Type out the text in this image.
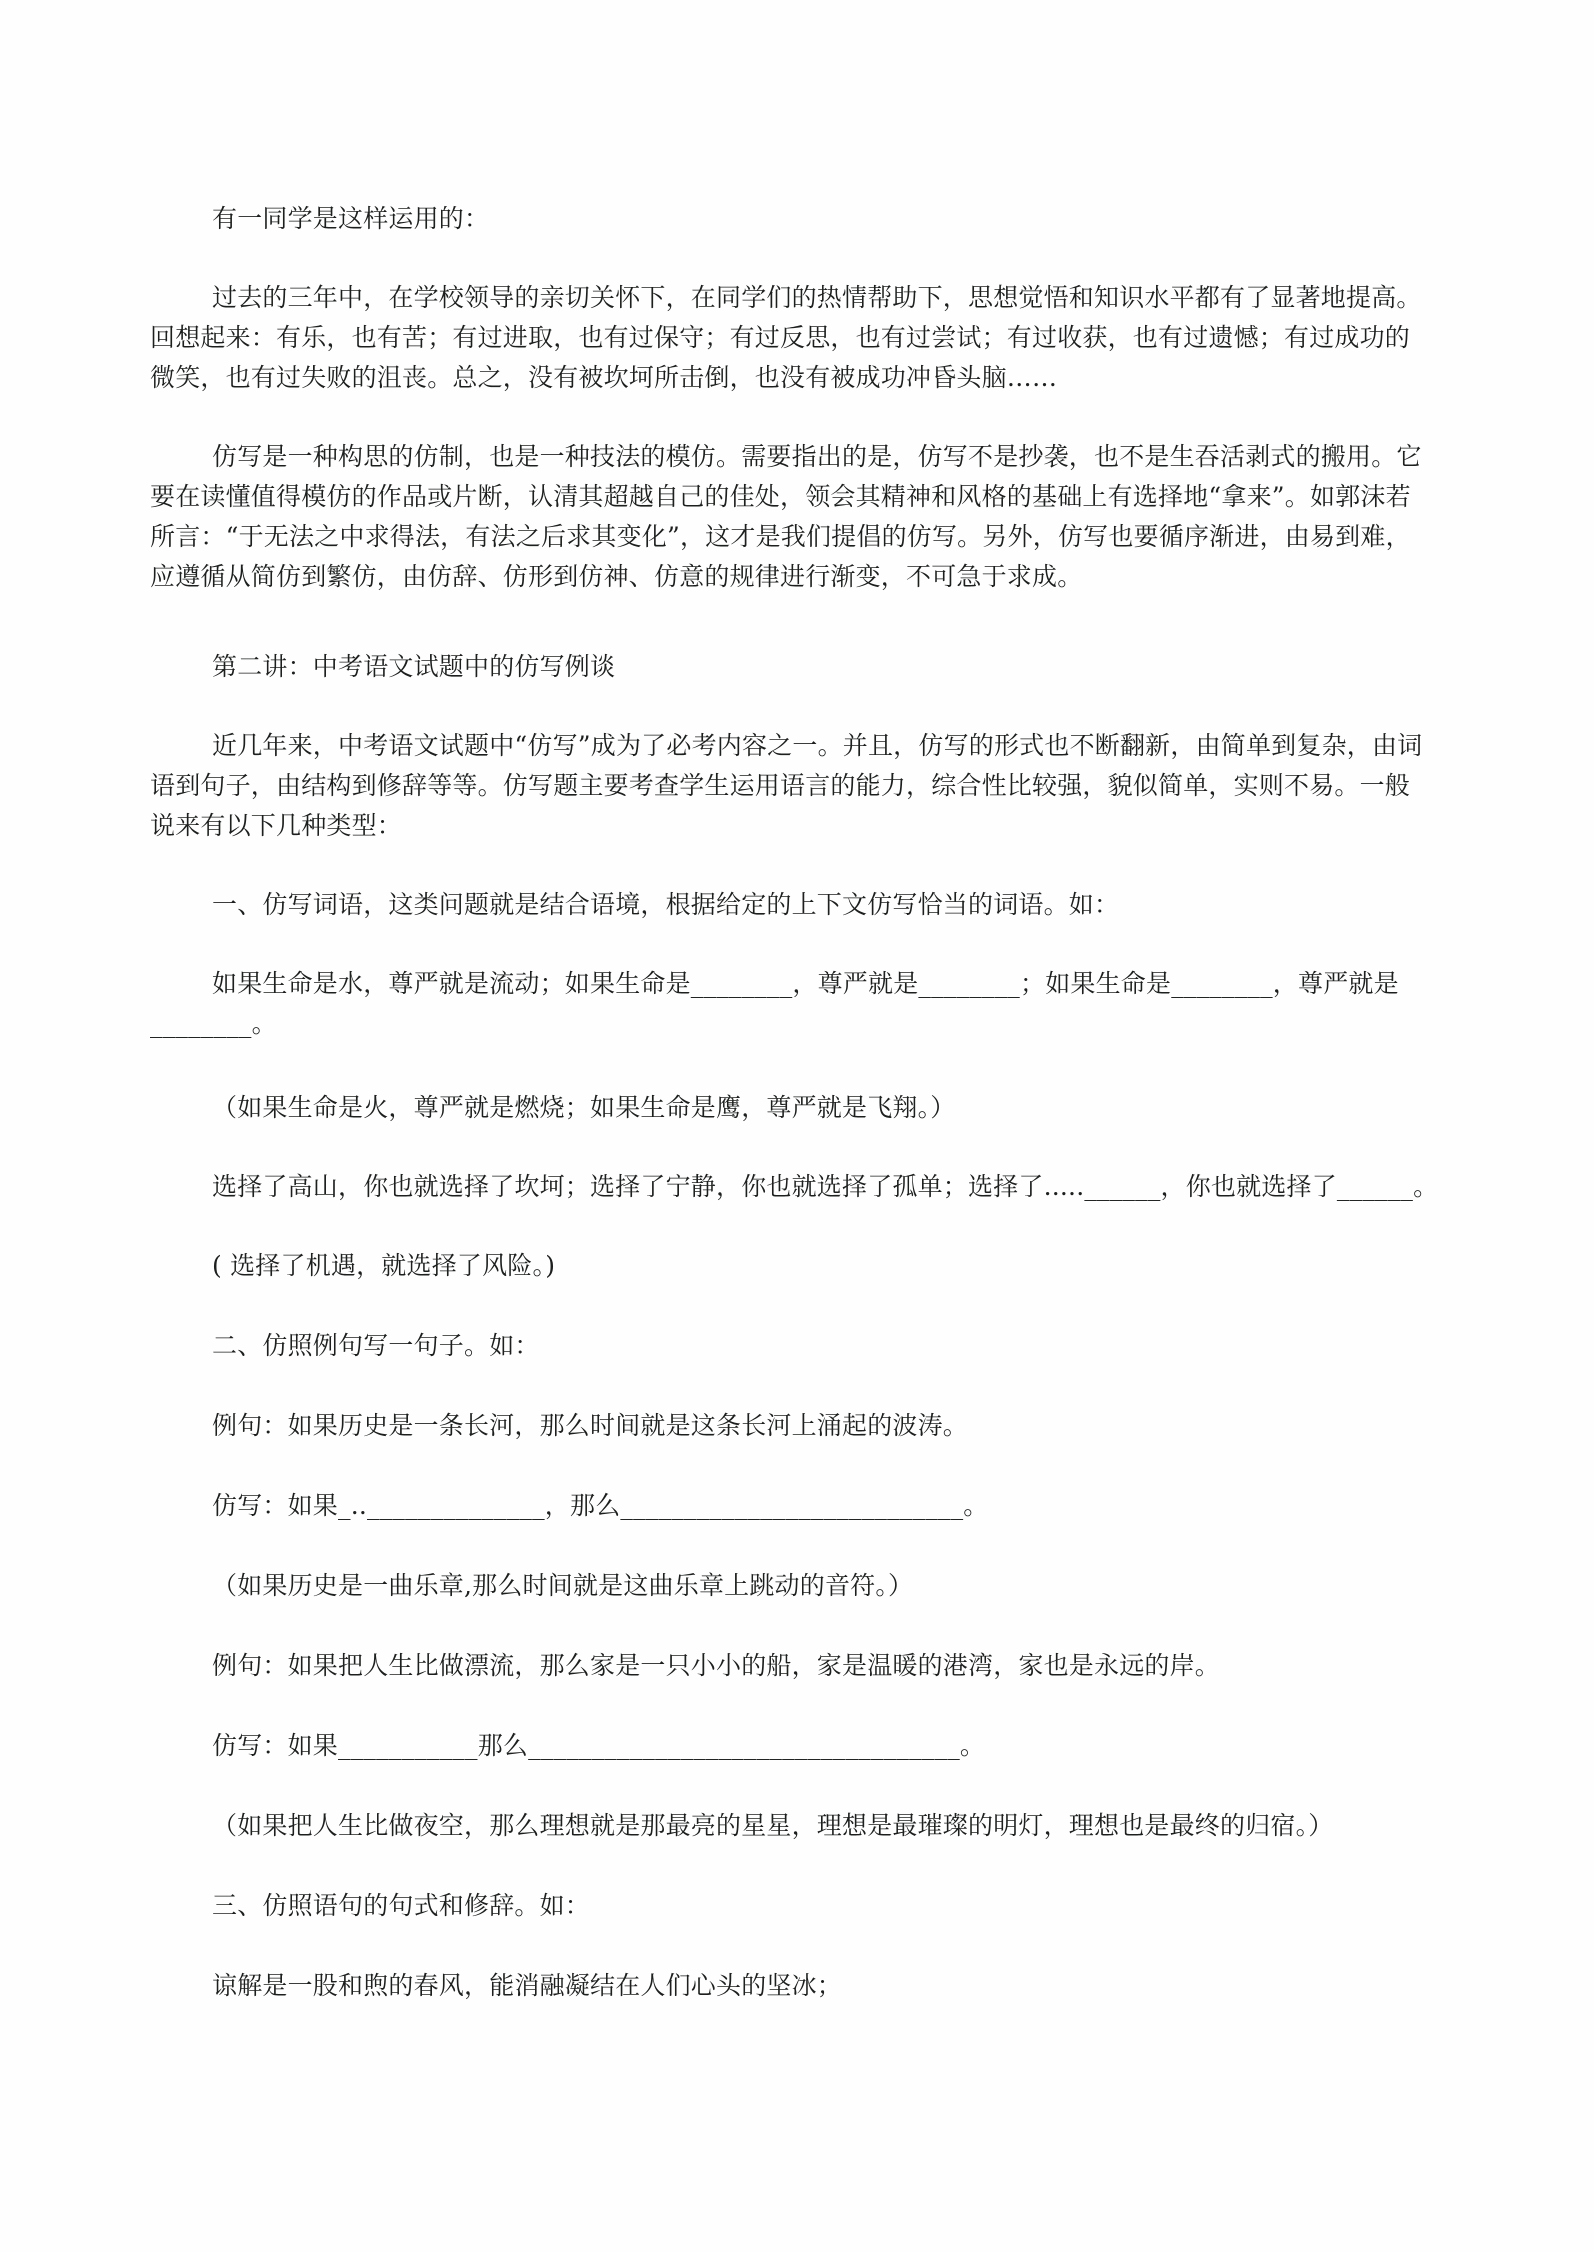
有一同学是这样运用的：
过去的三年中，在学校领导的亲切关怀下，在同学们的热情帮助下，思想觉悟和知识水平都有了显著地提高。
回想起来：有乐，也有苦；有过进取，也有过保守；有过反思，也有过尝试；有过收获，也有过遗憾；有过成功的
微笑，也有过失败的沮丧。总之，没有被坎坷所击倒，也没有被成功冲昏头脑……
仿写是一种构思的仿制，也是一种技法的模仿。需要指出的是，仿写不是抄袭，也不是生吞活剥式的搬用。它
要在读懂值得模仿的作品或片断，认清其超越自己的佳处，领会其精神和风格的基础上有选择地“拿来”。如郭沫若
所言：“于无法之中求得法，有法之后求其变化”，这才是我们提倡的仿写。另外，仿写也要循序渐进，由易到难，
应遵循从简仿到繁仿，由仿辞、仿形到仿神、仿意的规律进行渐变，不可急于求成。
第二讲：中考语文试题中的仿写例谈
近几年来，中考语文试题中“仿写”成为了必考内容之一。并且，仿写的形式也不断翻新，由简单到复杂，由词
语到句子，由结构到修辞等等。仿写题主要考查学生运用语言的能力，综合性比较强，貌似简单，实则不易。一般
说来有以下几种类型：
一、仿写词语，这类问题就是结合语境，根据给定的上下文仿写恰当的词语。如：
如果生命是水，尊严就是流动；如果生命是________，尊严就是________；如果生命是________，尊严就是
________。
（如果生命是火，尊严就是燃烧；如果生命是鹰，尊严就是飞翔。）
选择了高山，你也就选择了坎坷；选择了宁静，你也就选择了孤单；选择了.....______，你也就选择了______。
( 选择了机遇，就选择了风险。)
二、仿照例句写一句子。如：
例句：如果历史是一条长河，那么时间就是这条长河上涌起的波涛。
仿写：如果_..______________，那么___________________________。
（如果历史是一曲乐章,那么时间就是这曲乐章上跳动的音符。）
例句：如果把人生比做漂流，那么家是一只小小的船，家是温暖的港湾，家也是永远的岸。
仿写：如果___________那么__________________________________。
（如果把人生比做夜空，那么理想就是那最亮的星星，理想是最璀璨的明灯，理想也是最终的归宿。）
三、仿照语句的句式和修辞。如：
谅解是一股和煦的春风，能消融凝结在人们心头的坚冰；
